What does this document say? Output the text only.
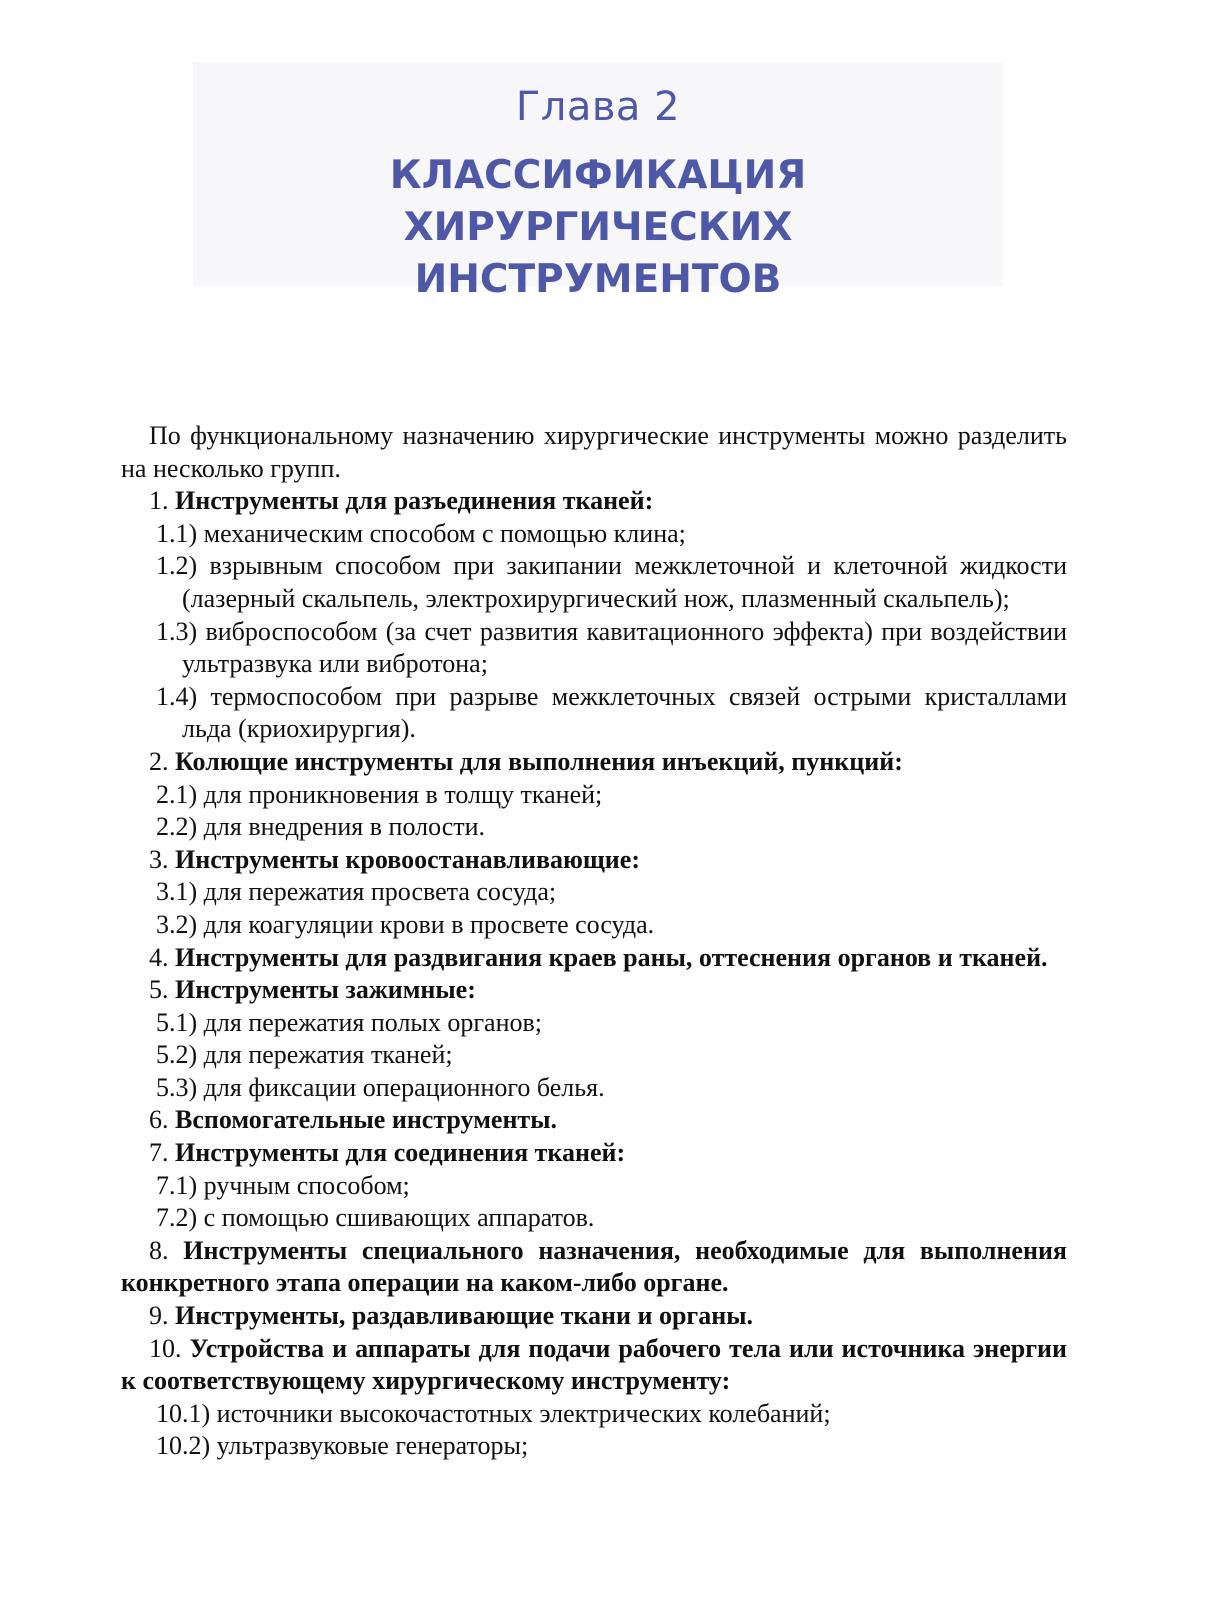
Глава 2
КЛАССИФИКАЦИЯ ХИРУРГИЧЕСКИХ
ИНСТРУМЕНТОВ

По функциональному назначению хирургические инструменты можно разделить на несколько групп.

1. Инструменты для разъединения тканей:

1.1) механическим способом с помощью клина;

1.2) взрывным способом при закипании межклеточной и клеточной жидкости (лазерный скальпель, электрохирургический нож, плазменный скальпель);

1.3) виброспособом (за счет развития кавитационного эффекта) при воздействии ультразвука или вибротона;

1.4) термоспособом при разрыве межклеточных связей острыми кристаллами льда (криохирургия).

2. Колющие инструменты для выполнения инъекций, пункций:

2.1) для проникновения в толщу тканей;

2.2) для внедрения в полости.

3. Инструменты кровоостанавливающие:

3.1) для пережатия просвета сосуда;

3.2) для коагуляции крови в просвете сосуда.

4. Инструменты для раздвигания краев раны, оттеснения органов и тканей.

5. Инструменты зажимные:

5.1) для пережатия полых органов;

5.2) для пережатия тканей;

5.3) для фиксации операционного белья.

6. Вспомогательные инструменты.

7. Инструменты для соединения тканей:

7.1) ручным способом;

7.2) с помощью сшивающих аппаратов.

8. Инструменты специального назначения, необходимые для выполнения конкретного этапа операции на каком-либо органе.

9. Инструменты, раздавливающие ткани и органы.

10. Устройства и аппараты для подачи рабочего тела или источника энергии к соответствующему хирургическому инструменту:

10.1) источники высокочастотных электрических колебаний;

10.2) ультразвуковые генераторы;
